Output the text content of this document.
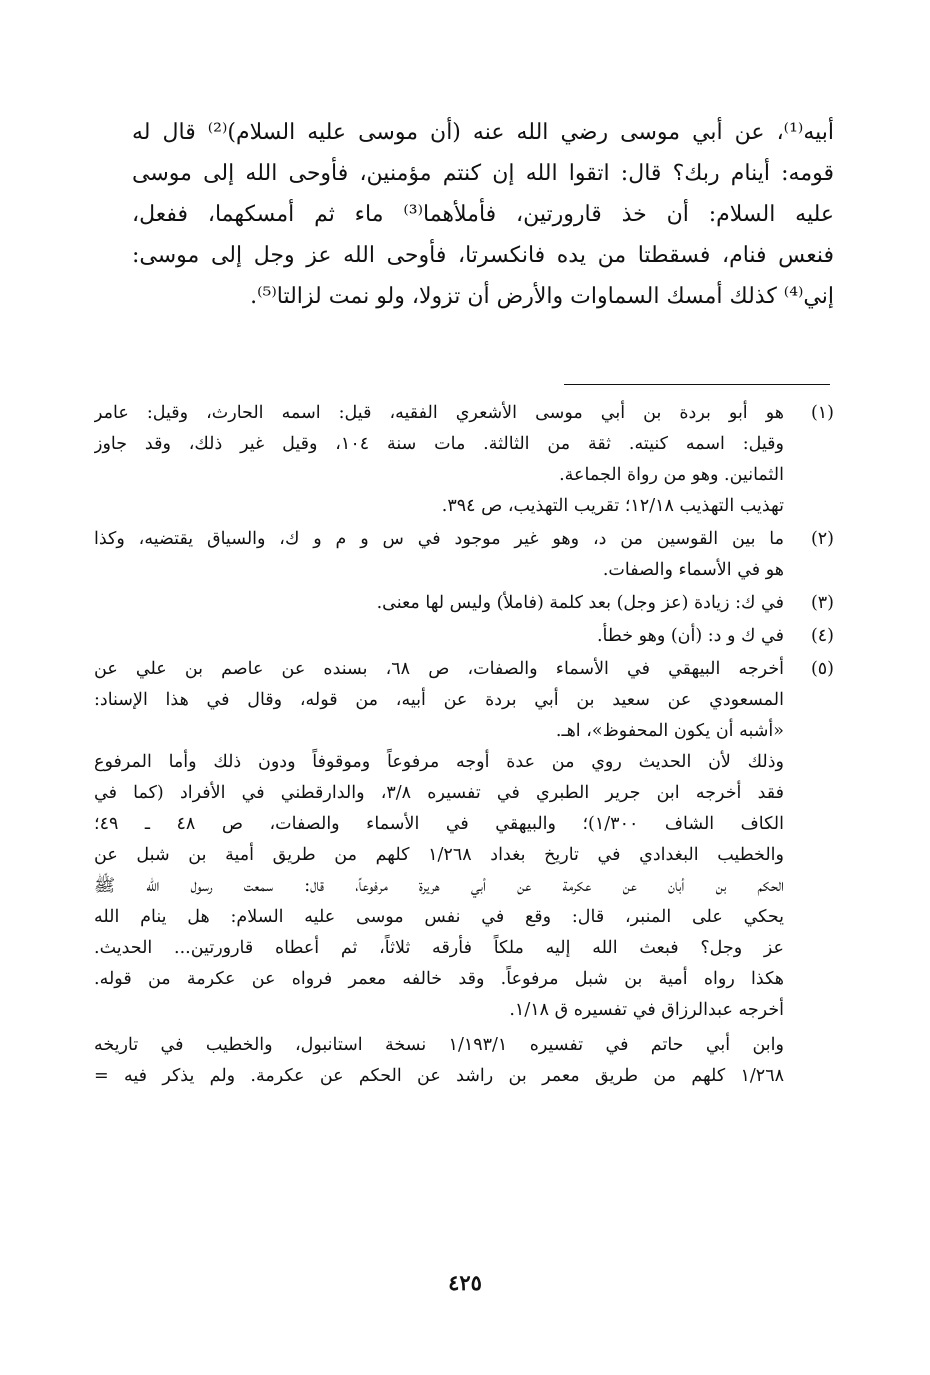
أبيه⁽¹⁾، عن أبي موسى رضي الله عنه (أن موسى عليه السلام)⁽²⁾ قال له
قومه: أينام ربك؟ قال: اتقوا الله إن كنتم مؤمنين، فأوحى الله إلى موسى
عليه السلام: أن خذ قارورتين، فأملأهما⁽³⁾ ماء ثم أمسكهما، ففعل،
فنعس فنام، فسقطتا من يده فانكسرتا، فأوحى الله عز وجل إلى موسى:
إني⁽⁴⁾ كذلك أمسك السماوات والأرض أن تزولا، ولو نمت لزالتا⁽⁵⁾.
(١)
هو أبو بردة بن أبي موسى الأشعري الفقيه، قيل: اسمه الحارث، وقيل: عامر
وقيل: اسمه كنيته. ثقة من الثالثة. مات سنة ١٠٤، وقيل غير ذلك، وقد جاوز
الثمانين. وهو من رواة الجماعة.
تهذيب التهذيب ١٢/١٨؛ تقريب التهذيب، ص ٣٩٤.
(٢)
ما بين القوسين من د، وهو غير موجود في س و م و ك، والسياق يقتضيه، وكذا
هو في الأسماء والصفات.
(٣)
في ك: زيادة (عز وجل) بعد كلمة (فاملأ) وليس لها معنى.
(٤)
في ك و د: (أن) وهو خطأ.
(٥)
أخرجه البيهقي في الأسماء والصفات، ص ٦٨، بسنده عن عاصم بن علي عن
المسعودي عن سعيد بن أبي بردة عن أبيه، من قوله، وقال في هذا الإسناد:
«أشبه أن يكون المحفوظ»، اهـ.
وذلك لأن الحديث روي من عدة أوجه مرفوعاً وموقوفاً ودون ذلك وأما المرفوع
فقد أخرجه ابن جرير الطبري في تفسيره ٣/٨، والدارقطني في الأفراد (كما في
الكاف الشاف ١/٣٠٠)؛ والبيهقي في الأسماء والصفات، ص ٤٨ ـ ٤٩؛
والخطيب البغدادي في تاريخ بغداد ١/٢٦٨ كلهم من طريق أمية بن شبل عن
الحكم بن أبان عن عكرمة عن أبي هريرة مرفوعاً، قال: سمعت رسول الله ﷺ
يحكي على المنبر، قال: وقع في نفس موسى عليه السلام: هل ينام الله
عز وجل؟ فبعث الله إليه ملكاً فأرقه ثلاثاً، ثم أعطاه قارورتين... الحديث.
هكذا رواه أمية بن شبل مرفوعاً. وقد خالفه معمر فرواه عن عكرمة من قوله.
أخرجه عبدالرزاق في تفسيره ق ١/١٨.
وابن أبي حاتم في تفسيره ١/١٩٣/١ نسخة استانبول، والخطيب في تاريخه
١/٢٦٨ كلهم من طريق معمر بن راشد عن الحكم عن عكرمة. ولم يذكر فيه =
٤٢٥
